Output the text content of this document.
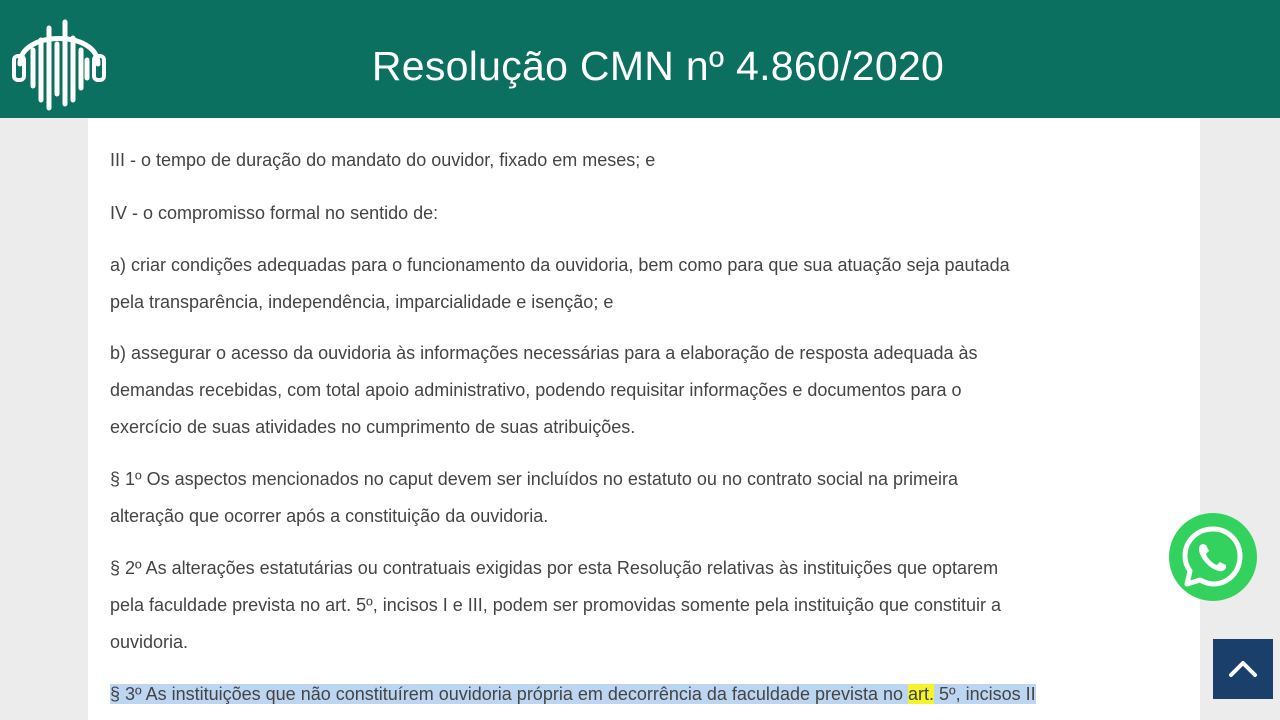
III - o tempo de duração do mandato do ouvidor, fixado em meses; e

IV - o compromisso formal no sentido de:

a) criar condições adequadas para o funcionamento da ouvidoria, bem como para que sua atuação seja pautada

pela transparência, independência, imparcialidade e isenção; e

b) assegurar o acesso da ouvidoria às informações necessárias para a elaboração de resposta adequada às

demandas recebidas, com total apoio administrativo, podendo requisitar informações e documentos para o

exercício de suas atividades no cumprimento de suas atribuições.

§ 1º Os aspectos mencionados no caput devem ser incluídos no estatuto ou no contrato social na primeira

alteração que ocorrer após a constituição da ouvidoria.

§ 2º As alterações estatutárias ou contratuais exigidas por esta Resolução relativas às instituições que optarem

pela faculdade prevista no art. 5º, incisos I e III, podem ser promovidas somente pela instituição que constituir a

ouvidoria.

§ 3º As instituições que não constituírem ouvidoria própria em decorrência da faculdade prevista no art. 5º, incisos II

Resolução CMN nº 4.860/2020
